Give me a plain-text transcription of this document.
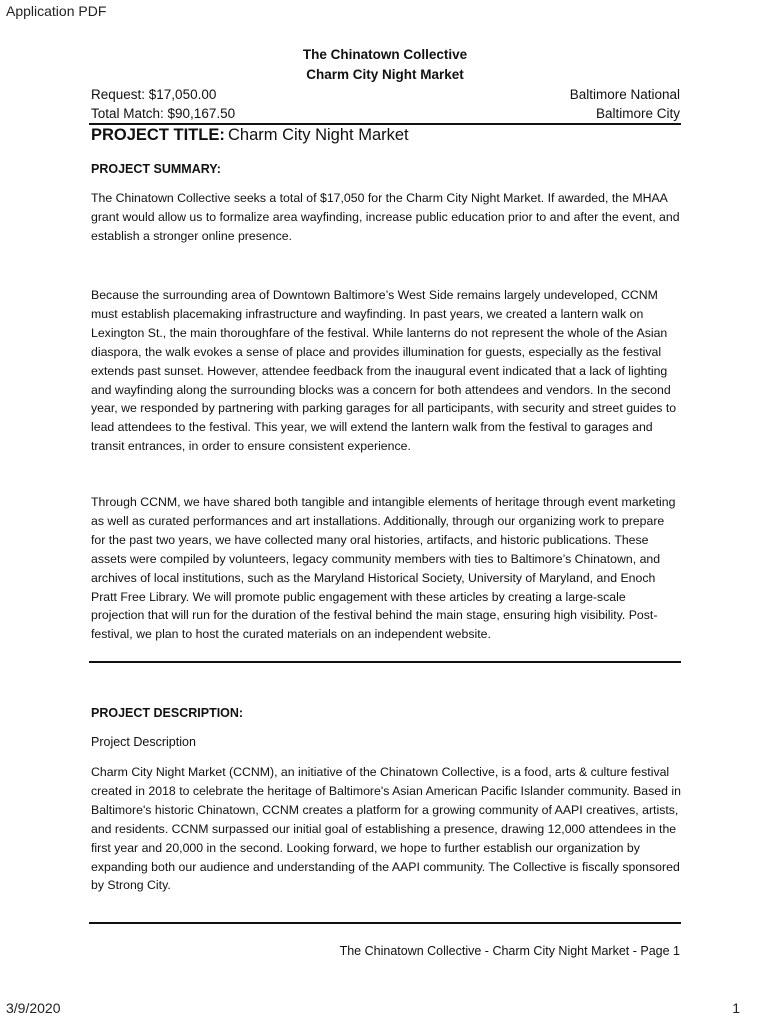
Application PDF
The Chinatown Collective
Charm City Night Market
Request: $17,050.00
Total Match: $90,167.50
Baltimore National
Baltimore City
PROJECT TITLE: Charm City Night Market
PROJECT SUMMARY:

The Chinatown Collective seeks a total of $17,050 for the Charm City Night Market. If awarded, the MHAA grant would allow us to formalize area wayfinding, increase public education prior to and after the event, and establish a stronger online presence.

Because the surrounding area of Downtown Baltimore’s West Side remains largely undeveloped, CCNM must establish placemaking infrastructure and wayfinding. In past years, we created a lantern walk on Lexington St., the main thoroughfare of the festival. While lanterns do not represent the whole of the Asian diaspora, the walk evokes a sense of place and provides illumination for guests, especially as the festival extends past sunset. However, attendee feedback from the inaugural event indicated that a lack of lighting and wayfinding along the surrounding blocks was a concern for both attendees and vendors. In the second year, we responded by partnering with parking garages for all participants, with security and street guides to lead attendees to the festival. This year, we will extend the lantern walk from the festival to garages and transit entrances, in order to ensure consistent experience.

Through CCNM, we have shared both tangible and intangible elements of heritage through event marketing as well as curated performances and art installations. Additionally, through our organizing work to prepare for the past two years, we have collected many oral histories, artifacts, and historic publications. These assets were compiled by volunteers, legacy community members with ties to Baltimore’s Chinatown, and archives of local institutions, such as the Maryland Historical Society, University of Maryland, and Enoch Pratt Free Library. We will promote public engagement with these articles by creating a large-scale projection that will run for the duration of the festival behind the main stage, ensuring high visibility. Post-festival, we plan to host the curated materials on an independent website.

PROJECT DESCRIPTION:
Project Description

Charm City Night Market (CCNM), an initiative of the Chinatown Collective, is a food, arts & culture festival created in 2018 to celebrate the heritage of Baltimore's Asian American Pacific Islander community. Based in Baltimore's historic Chinatown, CCNM creates a platform for a growing community of AAPI creatives, artists, and residents. CCNM surpassed our initial goal of establishing a presence, drawing 12,000 attendees in the first year and 20,000 in the second. Looking forward, we hope to further establish our organization by expanding both our audience and understanding of the AAPI community. The Collective is fiscally sponsored by Strong City.

The Chinatown Collective - Charm City Night Market - Page 1
3/9/2020	1
